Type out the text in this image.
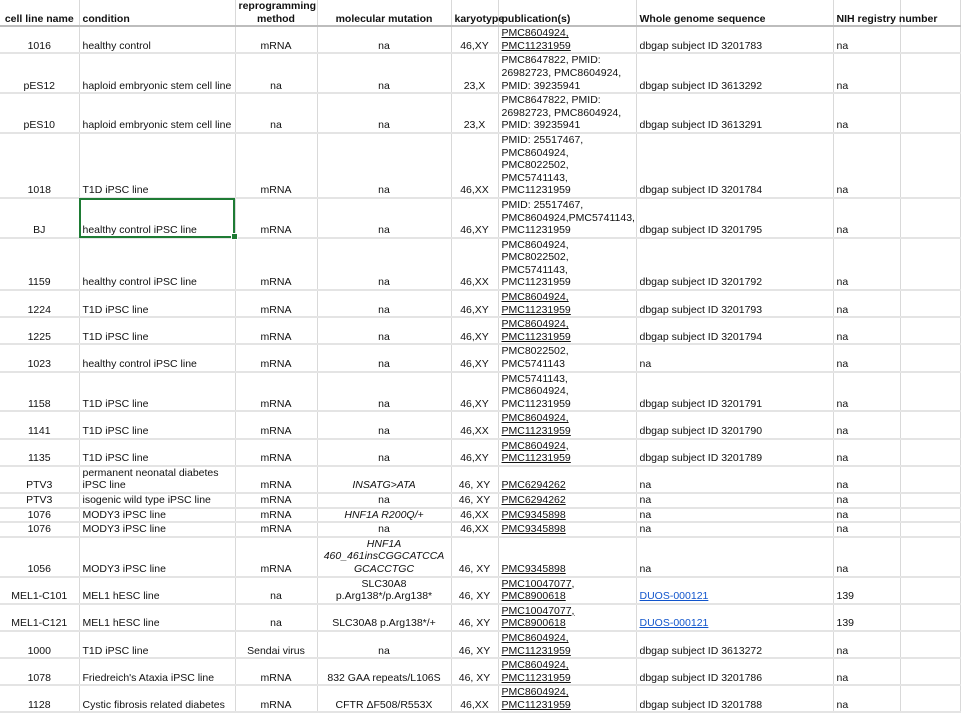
cell line name	condition	reprogramming method	molecular mutation	karyotype	publication(s)	Whole genome sequence	NIH registry number	
1016	healthy control	mRNA	na	46,XY	PMC8604924, PMC11231959	dbgap subject ID 3201783	na	
pES12	haploid embryonic stem cell line	na	na	23,X	PMC8647822, PMID: 26982723, PMC8604924, PMID: 39235941	dbgap subject ID 3613292	na	
pES10	haploid embryonic stem cell line	na	na	23,X	PMC8647822, PMID: 26982723, PMC8604924, PMID: 39235941	dbgap subject ID 3613291	na	
1018	T1D iPSC line	mRNA	na	46,XX	PMID: 25517467, PMC8604924, PMC8022502, PMC5741143, PMC11231959	dbgap subject ID 3201784	na	
BJ	healthy control iPSC line	mRNA	na	46,XY	PMID: 25517467, PMC8604924,PMC5741143, PMC11231959	dbgap subject ID 3201795	na	
1159	healthy control iPSC line	mRNA	na	46,XX	PMC8604924, PMC8022502, PMC5741143, PMC11231959	dbgap subject ID 3201792	na	
1224	T1D iPSC line	mRNA	na	46,XY	PMC8604924, PMC11231959	dbgap subject ID 3201793	na	
1225	T1D iPSC line	mRNA	na	46,XY	PMC8604924, PMC11231959	dbgap subject ID 3201794	na	
1023	healthy control iPSC line	mRNA	na	46,XY	PMC8022502, PMC5741143	na	na	
1158	T1D iPSC line	mRNA	na	46,XY	PMC5741143, PMC8604924, PMC11231959	dbgap subject ID 3201791	na	
1141	T1D iPSC line	mRNA	na	46,XX	PMC8604924, PMC11231959	dbgap subject ID 3201790	na	
1135	T1D iPSC line	mRNA	na	46,XY	PMC8604924, PMC11231959	dbgap subject ID 3201789	na	
PTV3	permanent neonatal diabetes iPSC line	mRNA	INSATG>ATA	46, XY	PMC6294262	na	na	
PTV3	isogenic wild type iPSC line	mRNA	na	46, XY	PMC6294262	na	na	
1076	MODY3 iPSC line	mRNA	HNF1A R200Q/+	46,XX	PMC9345898	na	na	
1076	MODY3 iPSC line	mRNA	na	46,XX	PMC9345898	na	na	
1056	MODY3 iPSC line	mRNA	HNF1A 460_461insCGGCATCCA GCACCTGC	46, XY	PMC9345898	na	na	
MEL1-C101	MEL1 hESC line	na	SLC30A8 p.Arg138*/p.Arg138*	46, XY	PMC10047077, PMC8900618	DUOS-000121	139	
MEL1-C121	MEL1 hESC line	na	SLC30A8 p.Arg138*/+	46, XY	PMC10047077, PMC8900618	DUOS-000121	139	
1000	T1D iPSC line	Sendai virus	na	46, XY	PMC8604924, PMC11231959	dbgap subject ID 3613272	na	
1078	Friedreich's Ataxia iPSC line	mRNA	832 GAA repeats/L106S	46, XY	PMC8604924, PMC11231959	dbgap subject ID 3201786	na	
1128	Cystic fibrosis related diabetes	mRNA	CFTR ΔF508/R553X	46,XX	PMC8604924, PMC11231959	dbgap subject ID 3201788	na	
